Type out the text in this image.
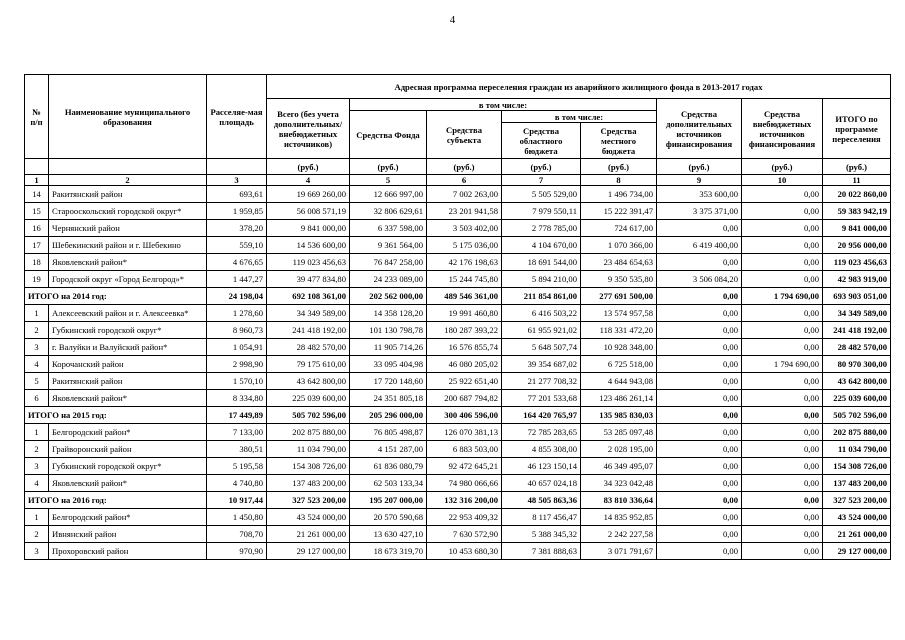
4
№ п/п	Наименование муниципального образования	Расселяе-мая площадь	Адресная программа переселения граждан из аварийного жилищного фонда в 2013-2017 годах							
			Всего (без учета дополнительных/ внебюджетных источников)	в том числе:				Средства дополнительных источников финансирования	Средства внебюджетных источников финансирования	ИТОГО по программе переселения
				Средства Фонда	Средства субъекта	в том числе:				
						Средства областного бюджета	Средства местного бюджета			
			(руб.)	(руб.)	(руб.)	(руб.)	(руб.)	(руб.)	(руб.)	(руб.)
1	2	3	4	5	6	7	8	9	10	11
14	Ракитянский район	693,61	19 669 260,00	12 666 997,00	7 002 263,00	5 505 529,00	1 496 734,00	353 600,00	0,00	20 022 860,00
15	Старооскольский городской округ*	1 959,85	56 008 571,19	32 806 629,61	23 201 941,58	7 979 550,11	15 222 391,47	3 375 371,00	0,00	59 383 942,19
16	Чернянский район	378,20	9 841 000,00	6 337 598,00	3 503 402,00	2 778 785,00	724 617,00	0,00	0,00	9 841 000,00
17	Шебекинский район и г. Шебекино	559,10	14 536 600,00	9 361 564,00	5 175 036,00	4 104 670,00	1 070 366,00	6 419 400,00	0,00	20 956 000,00
18	Яковлевский район*	4 676,65	119 023 456,63	76 847 258,00	42 176 198,63	18 691 544,00	23 484 654,63	0,00	0,00	119 023 456,63
19	Городской округ «Город Белгород»*	1 447,27	39 477 834,80	24 233 089,00	15 244 745,80	5 894 210,00	9 350 535,80	3 506 084,20	0,00	42 983 919,00
ИТОГО на 2014 год:		24 198,04	692 108 361,00	202 562 000,00	489 546 361,00	211 854 861,00	277 691 500,00	0,00	1 794 690,00	693 903 051,00
1	Алексеевский район и г. Алексеевка*	1 278,60	34 349 589,00	14 358 128,20	19 991 460,80	6 416 503,22	13 574 957,58	0,00	0,00	34 349 589,00
2	Губкинский городской округ*	8 960,73	241 418 192,00	101 130 798,78	180 287 393,22	61 955 921,02	118 331 472,20	0,00	0,00	241 418 192,00
3	г. Валуйки и Валуйский район*	1 054,91	28 482 570,00	11 905 714,26	16 576 855,74	5 648 507,74	10 928 348,00	0,00	0,00	28 482 570,00
4	Корочанский район	2 998,90	79 175 610,00	33 095 404,98	46 080 205,02	39 354 687,02	6 725 518,00	0,00	1 794 690,00	80 970 300,00
5	Ракитянский район	1 570,10	43 642 800,00	17 720 148,60	25 922 651,40	21 277 708,32	4 644 943,08	0,00	0,00	43 642 800,00
6	Яковлевский район*	8 334,80	225 039 600,00	24 351 805,18	200 687 794,82	77 201 533,68	123 486 261,14	0,00	0,00	225 039 600,00
ИТОГО на 2015 год:		17 449,89	505 702 596,00	205 296 000,00	300 406 596,00	164 420 765,97	135 985 830,03	0,00	0,00	505 702 596,00
1	Белгородский район*	7 133,00	202 875 880,00	76 805 498,87	126 070 381,13	72 785 283,65	53 285 097,48	0,00	0,00	202 875 880,00
2	Грайворонский район	380,51	11 034 790,00	4 151 287,00	6 883 503,00	4 855 308,00	2 028 195,00	0,00	0,00	11 034 790,00
3	Губкинский городской округ*	5 195,58	154 308 726,00	61 836 080,79	92 472 645,21	46 123 150,14	46 349 495,07	0,00	0,00	154 308 726,00
4	Яковлевский район*	4 740,80	137 483 200,00	62 503 133,34	74 980 066,66	40 657 024,18	34 323 042,48	0,00	0,00	137 483 200,00
ИТОГО на 2016 год:		10 917,44	327 523 200,00	195 207 000,00	132 316 200,00	48 505 863,36	83 810 336,64	0,00	0,00	327 523 200,00
1	Белгородский район*	1 450,80	43 524 000,00	20 570 590,68	22 953 409,32	8 117 456,47	14 835 952,85	0,00	0,00	43 524 000,00
2	Ивнянский район	708,70	21 261 000,00	13 630 427,10	7 630 572,90	5 388 345,32	2 242 227,58	0,00	0,00	21 261 000,00
3	Прохоровский район	970,90	29 127 000,00	18 673 319,70	10 453 680,30	7 381 888,63	3 071 791,67	0,00	0,00	29 127 000,00
